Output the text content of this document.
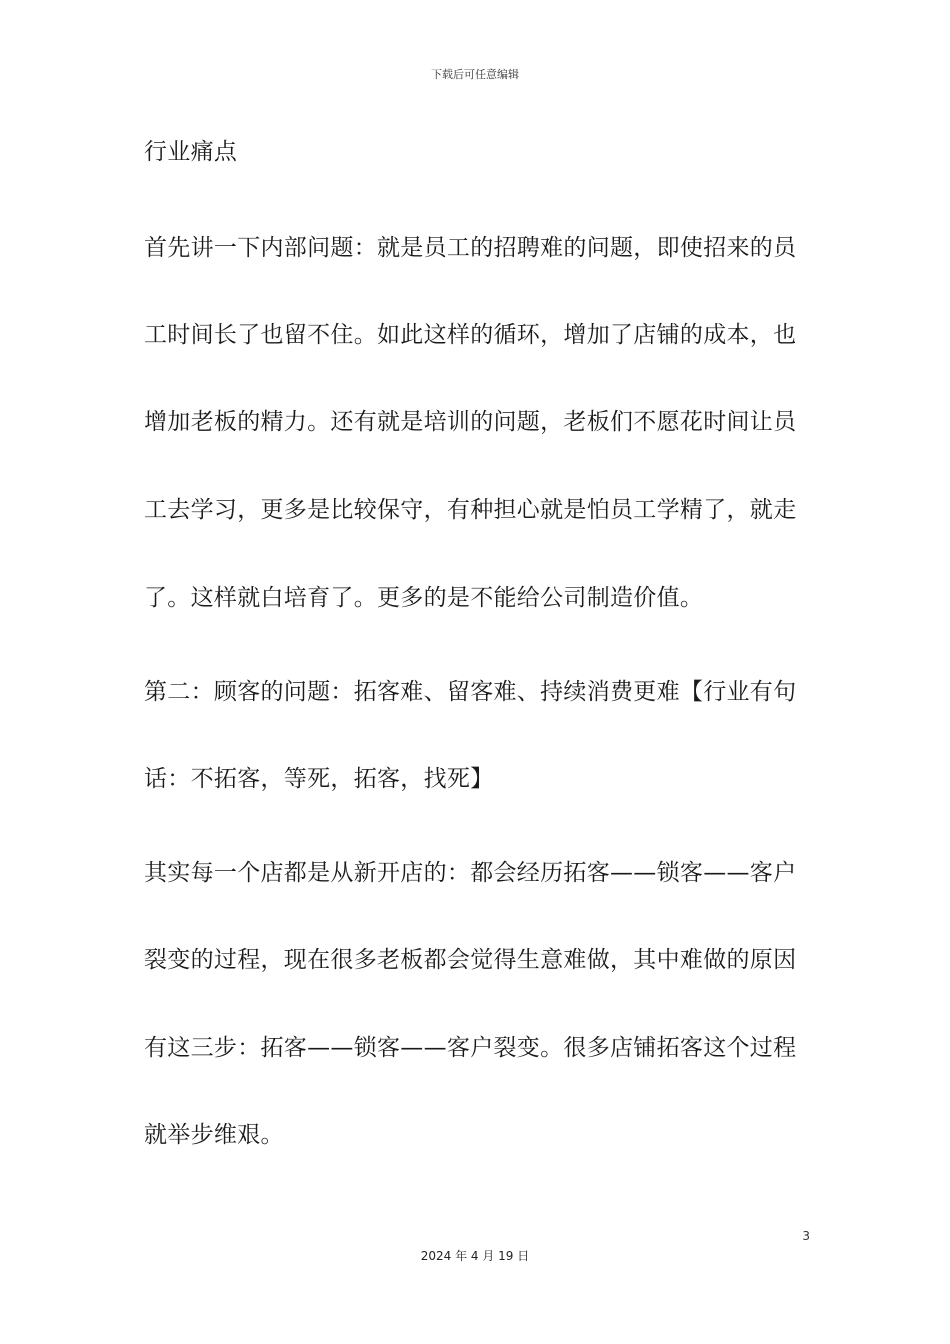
下载后可任意编辑
行业痛点
首先讲一下内部问题：就是员工的招聘难的问题，即使招来的员
工时间长了也留不住。如此这样的循环，增加了店铺的成本，也
增加老板的精力。还有就是培训的问题，老板们不愿花时间让员
工去学习，更多是比较保守，有种担心就是怕员工学精了，就走
了。这样就白培育了。更多的是不能给公司制造价值。
第二：顾客的问题：拓客难、留客难、持续消费更难【行业有句
话：不拓客，等死，拓客，找死】
其实每一个店都是从新开店的：都会经历拓客——锁客——客户
裂变的过程，现在很多老板都会觉得生意难做，其中难做的原因
有这三步：拓客——锁客——客户裂变。很多店铺拓客这个过程
就举步维艰。
3
2024 年 4 月 19 日
